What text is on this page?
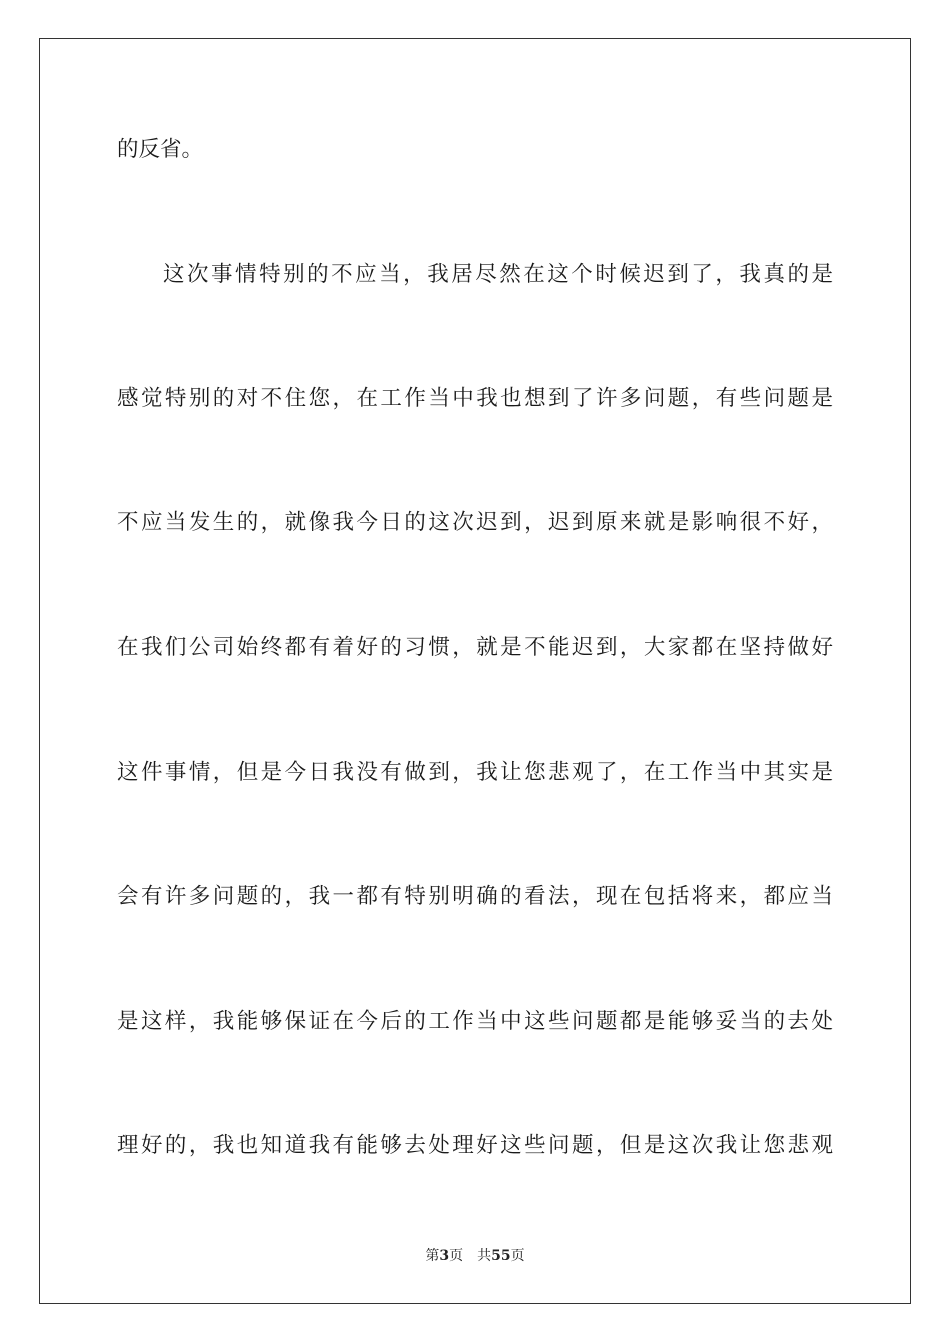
的反省。
这次事情特别的不应当，我居尽然在这个时候迟到了，我真的是
感觉特别的对不住您，在工作当中我也想到了许多问题，有些问题是
不应当发生的，就像我今日的这次迟到，迟到原来就是影响很不好，
在我们公司始终都有着好的习惯，就是不能迟到，大家都在坚持做好
这件事情，但是今日我没有做到，我让您悲观了，在工作当中其实是
会有许多问题的，我一都有特别明确的看法，现在包括将来，都应当
是这样，我能够保证在今后的工作当中这些问题都是能够妥当的去处
理好的，我也知道我有能够去处理好这些问题，但是这次我让您悲观
第3页 共55页
